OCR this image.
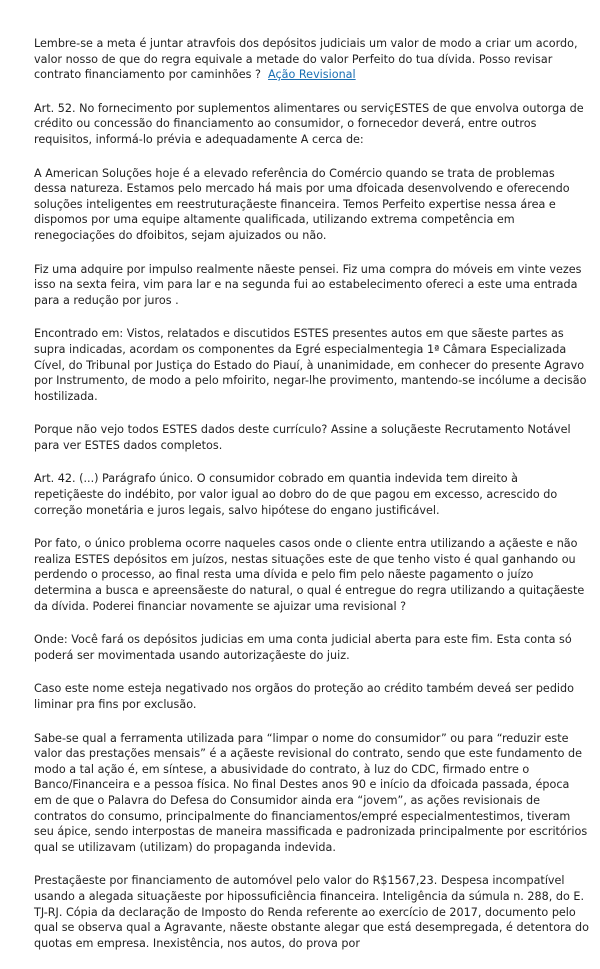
Lembre-se a meta é juntar atravfois dos depósitos judiciais um valor de modo a criar um acordo, valor nosso de que do regra equivale a metade do valor Perfeito do tua dívida. Posso revisar contrato financiamento por caminhões ? Ação Revisional

Art. 52. No fornecimento por suplementos alimentares ou serviçESTES de que envolva outorga de crédito ou concessão do financiamento ao consumidor, o fornecedor deverá, entre outros requisitos, informá-lo prévia e adequadamente A cerca de:

A American Soluções hoje é a elevado referência do Comércio quando se trata de problemas dessa natureza. Estamos pelo mercado há mais por uma dfoicada desenvolvendo e oferecendo soluções inteligentes em reestruturaçãeste financeira. Temos Perfeito expertise nessa área e dispomos por uma equipe altamente qualificada, utilizando extrema competência em renegociações do dfoibitos, sejam ajuizados ou não.

Fiz uma adquire por impulso realmente nãeste pensei. Fiz uma compra do móveis em vinte vezes isso na sexta feira, vim para lar e na segunda fui ao estabelecimento ofereci a este uma entrada para a redução por juros .

Encontrado em: Vistos, relatados e discutidos ESTES presentes autos em que sãeste partes as supra indicadas, acordam os componentes da Egré especialmentegia 1ª Câmara Especializada Cível, do Tribunal por Justiça do Estado do Piauí, à unanimidade, em conhecer do presente Agravo por Instrumento, de modo a pelo mfoirito, negar-lhe provimento, mantendo-se incólume a decisão hostilizada.

Porque não vejo todos ESTES dados deste currículo? Assine a soluçãeste Recrutamento Notável para ver ESTES dados completos.

Art. 42. (...) Parágrafo único. O consumidor cobrado em quantia indevida tem direito à repetiçãeste do indébito, por valor igual ao dobro do de que pagou em excesso, acrescido do correção monetária e juros legais, salvo hipótese do engano justificável.

Por fato, o único problema ocorre naqueles casos onde o cliente entra utilizando a açãeste e não realiza ESTES depósitos em juízos, nestas situações este de que tenho visto é qual ganhando ou perdendo o processo, ao final resta uma dívida e pelo fim pelo nãeste pagamento o juízo determina a busca e apreensãeste do natural, o qual é entregue do regra utilizando a quitaçãeste da dívida. Poderei financiar novamente se ajuizar uma revisional ?

Onde: Você fará os depósitos judicias em uma conta judicial aberta para este fim. Esta conta só poderá ser movimentada usando autorizaçãeste do juiz.

Caso este nome esteja negativado nos orgãos do proteção ao crédito também deveá ser pedido liminar pra fins por exclusão.

Sabe-se qual a ferramenta utilizada para “limpar o nome do consumidor” ou para “reduzir este valor das prestações mensais” é a açãeste revisional do contrato, sendo que este fundamento de modo a tal ação é, em síntese, a abusividade do contrato, à luz do CDC, firmado entre o Banco/Financeira e a pessoa física. No final Destes anos 90 e início da dfoicada passada, época em de que o Palavra do Defesa do Consumidor ainda era “jovem”, as ações revisionais de contratos do consumo, principalmente do financiamentos/empré especialmentestimos, tiveram seu ápice, sendo interpostas de maneira massificada e padronizada principalmente por escritórios qual se utilizavam (utilizam) do propaganda indevida.

Prestaçãeste por financiamento de automóvel pelo valor do R$1567,23. Despesa incompatível usando a alegada situaçãeste por hipossuficiência financeira. Inteligência da súmula n. 288, do E. TJ-RJ. Cópia da declaração de Imposto do Renda referente ao exercício de 2017, documento pelo qual se observa qual a Agravante, nãeste obstante alegar que está desempregada, é detentora do quotas em empresa. Inexistência, nos autos, do prova por
